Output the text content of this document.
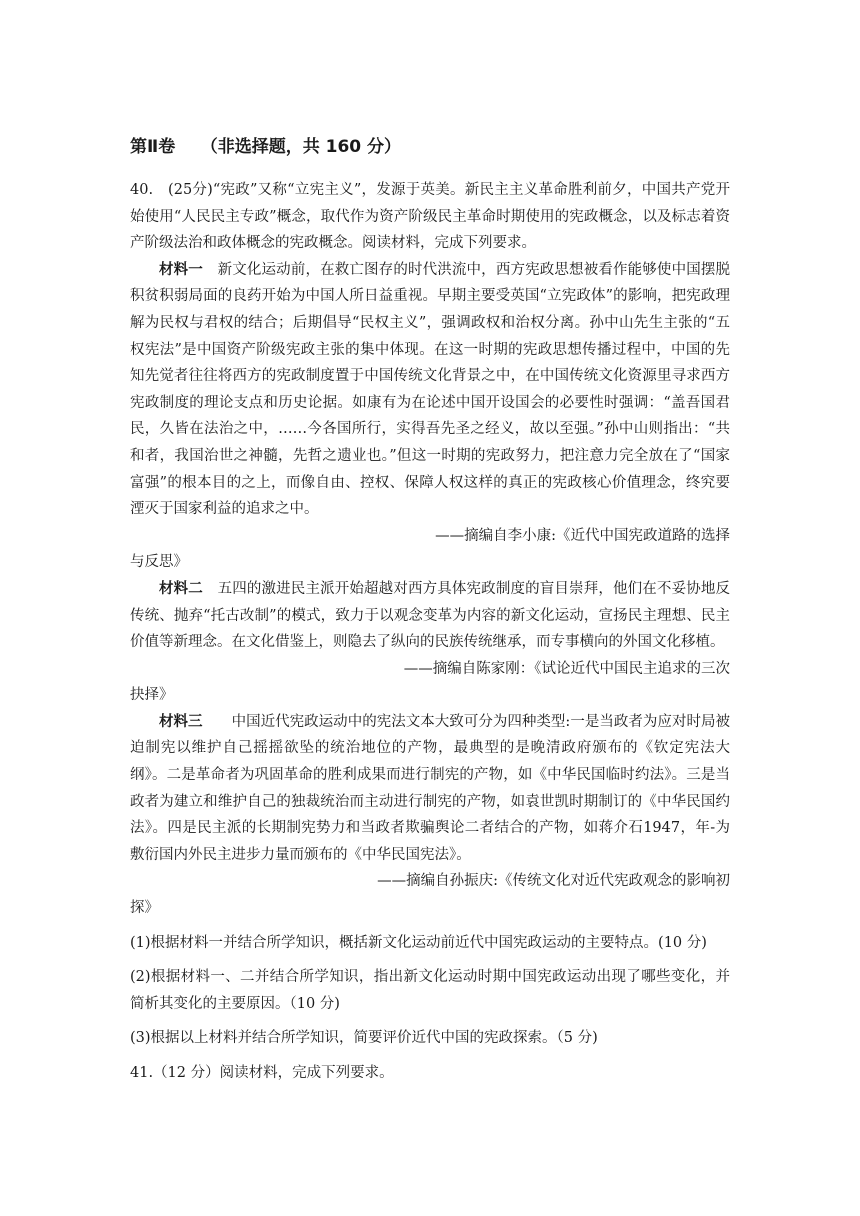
第Ⅱ卷　　（非选择题，共 160 分）

40.　(25分)“宪政”又称“立宪主义”，发源于英美。新民主主义革命胜利前夕，中国共产党开始使用“人民民主专政”概念，取代作为资产阶级民主革命时期使用的宪政概念，以及标志着资产阶级法治和政体概念的宪政概念。阅读材料，完成下列要求。

材料一　新文化运动前，在救亡图存的时代洪流中，西方宪政思想被看作能够使中国摆脱积贫积弱局面的良药开始为中国人所日益重视。早期主要受英国“立宪政体”的影响，把宪政理解为民权与君权的结合；后期倡导“民权主义”，强调政权和治权分离。孙中山先生主张的“五权宪法”是中国资产阶级宪政主张的集中体现。在这一时期的宪政思想传播过程中，中国的先知先觉者往往将西方的宪政制度置于中国传统文化背景之中，在中国传统文化资源里寻求西方宪政制度的理论支点和历史论据。如康有为在论述中国开设国会的必要性时强调：“盖吾国君民，久皆在法治之中，……今各国所行，实得吾先圣之经义，故以至强。”孙中山则指出：“共和者，我国治世之神髓，先哲之遗业也。”但这一时期的宪政努力，把注意力完全放在了“国家富强”的根本目的之上，而像自由、控权、保障人权这样的真正的宪政核心价值理念，终究要湮灭于国家利益的追求之中。

——摘编自李小康:《近代中国宪政道路的选择

与反思》

材料二　五四的激进民主派开始超越对西方具体宪政制度的盲目崇拜，他们在不妥协地反传统、抛弃“托古改制”的模式，致力于以观念变革为内容的新文化运动，宣扬民主理想、民主价值等新理念。在文化借鉴上，则隐去了纵向的民族传统继承，而专事横向的外国文化移植。

——摘编自陈家刚：《试论近代中国民主追求的三次

抉择》

材料三　　中国近代宪政运动中的宪法文本大致可分为四种类型:一是当政者为应对时局被迫制宪以维护自己摇摇欲坠的统治地位的产物，最典型的是晚清政府颁布的《钦定宪法大纲》。二是革命者为巩固革命的胜利成果而进行制宪的产物，如《中华民国临时约法》。三是当政者为建立和维护自己的独裁统治而主动进行制宪的产物，如袁世凯时期制订的《中华民国约法》。四是民主派的长期制宪势力和当政者欺骗舆论二者结合的产物，如蒋介石1947，年-为敷衍国内外民主进步力量而颁布的《中华民国宪法》。

——摘编自孙振庆:《传统文化对近代宪政观念的影响初

探》

(1)根据材料一并结合所学知识，概括新文化运动前近代中国宪政运动的主要特点。(10 分)

(2)根据材料一、二并结合所学知识，指出新文化运动时期中国宪政运动出现了哪些变化，并简析其变化的主要原因。（10 分)

(3)根据以上材料并结合所学知识，简要评价近代中国的宪政探索。（5 分)

41.（12 分）阅读材料，完成下列要求。
